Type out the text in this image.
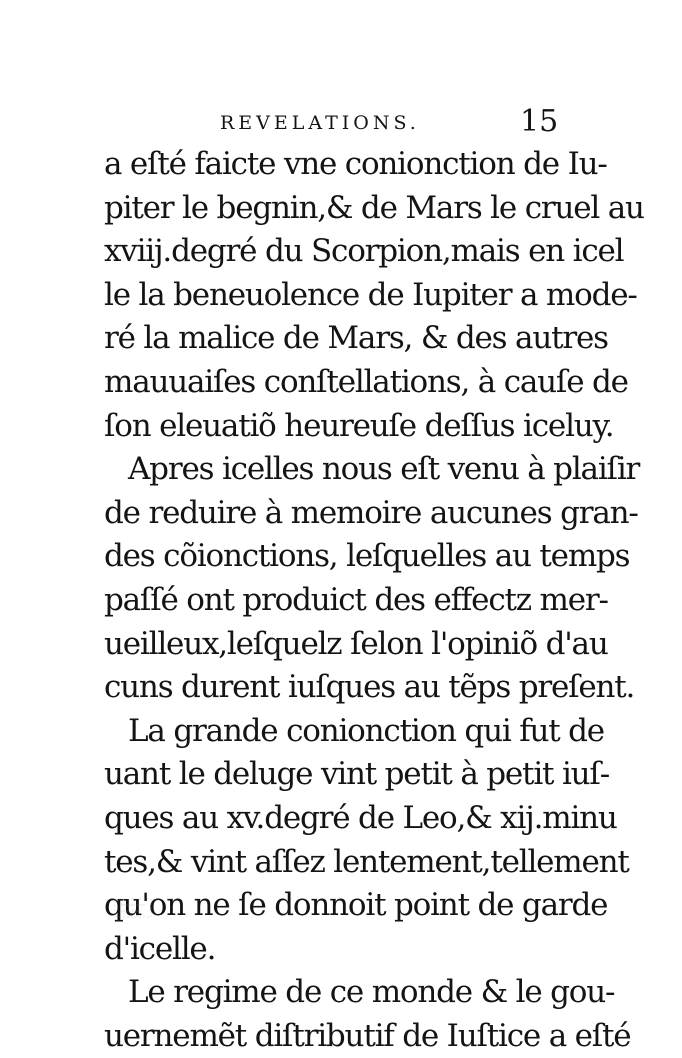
REVELATIONS.	15
a eſté faicte vne conionction de Iu-
piter le begnin,& de Mars le cruel au
xviij.degré du Scorpion,mais en icel
le la beneuolence de Iupiter a mode-
ré la malice de Mars, & des autres
mauuaiſes conſtellations, à cauſe de
ſon eleuatiõ heureuſe deſſus iceluy.
Apres icelles nous eſt venu à plaiſir
de reduire à memoire aucunes gran-
des cõionctions, leſquelles au temps
paſſé ont produict des effectz mer-
ueilleux,leſquelz ſelon l'opiniõ d'au
cuns durent iuſques au tẽps preſent.
La grande conionction qui fut de
uant le deluge vint petit à petit iuſ-
ques au xv.degré de Leo,& xij.minu
tes,& vint aſſez lentement,tellement
qu'on ne ſe donnoit point de garde
d'icelle.
Le regime de ce monde & le gou-
uernemẽt diſtributif de Iuſtice a eſté
